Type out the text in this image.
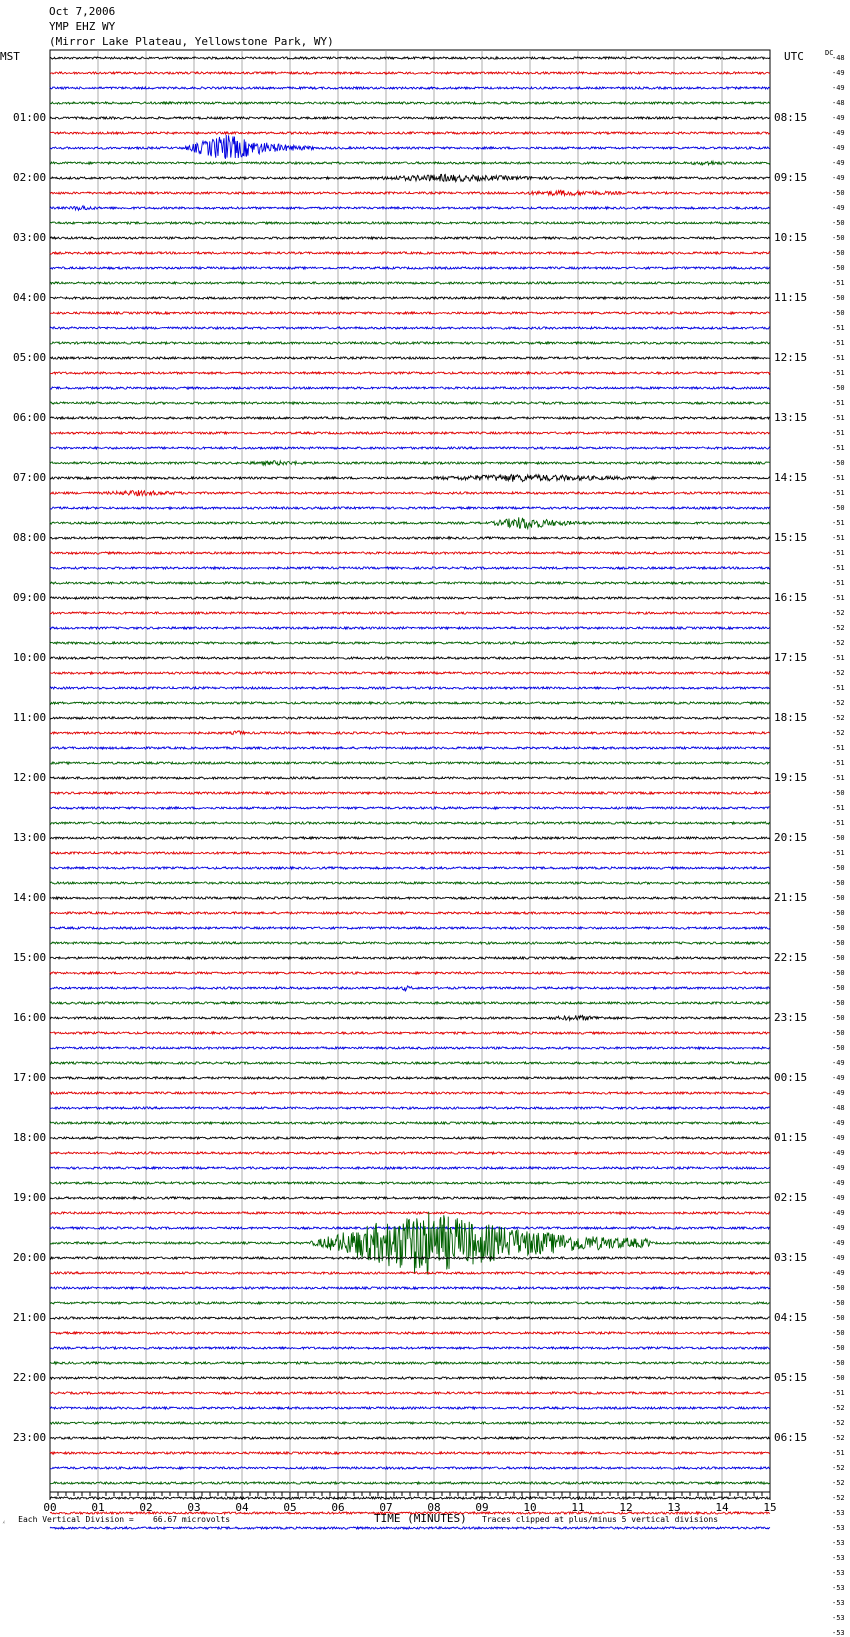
Oct 7,2006
YMP EHZ WY
(Mirror Lake Plateau, Yellowstone Park, WY)
MST	UTC	DC
01:00
02:00
03:00
04:00
05:00
06:00
07:00
08:00
09:00
10:00
11:00
12:00
13:00
14:00
15:00
16:00
17:00
18:00
19:00
20:00
21:00
22:00
23:00
08:15
09:15
10:15
11:15
12:15
13:15
14:15
15:15
16:15
17:15
18:15
19:15
20:15
21:15
22:15
23:15
00:15
01:15
02:15
03:15
04:15
05:15
06:15
-48
-49
-49
-48
-49
-49
-49
-49
-49
-50
-49
-50
-50
-50
-50
-51
-50
-50
-51
-51
-51
-51
-50
-51
-51
-51
-51
-50
-51
-51
-50
-51
-51
-51
-51
-51
-51
-52
-52
-52
-51
-52
-51
-52
-52
-52
-51
-51
-51
-50
-51
-51
-50
-51
-50
-50
-50
-50
-50
-50
-50
-50
-50
-50
-50
-50
-50
-49
-49
-49
-48
-49
-49
-49
-49
-49
-49
-49
-49
-49
-49
-49
-50
-50
-50
-50
-50
-50
-50
-51
-52
-52
-52
-51
-52
-52
-52
-53
-53
-53
-53
-53
-53
-53
-53
-53
00	01	02	03	04	05	06	07	08	09	10	11	12	13	14	15
⁁ Each Vertical Division =    66.67 microvolts	TIME (MINUTES) Traces clipped at plus/minus 5 vertical divisions
